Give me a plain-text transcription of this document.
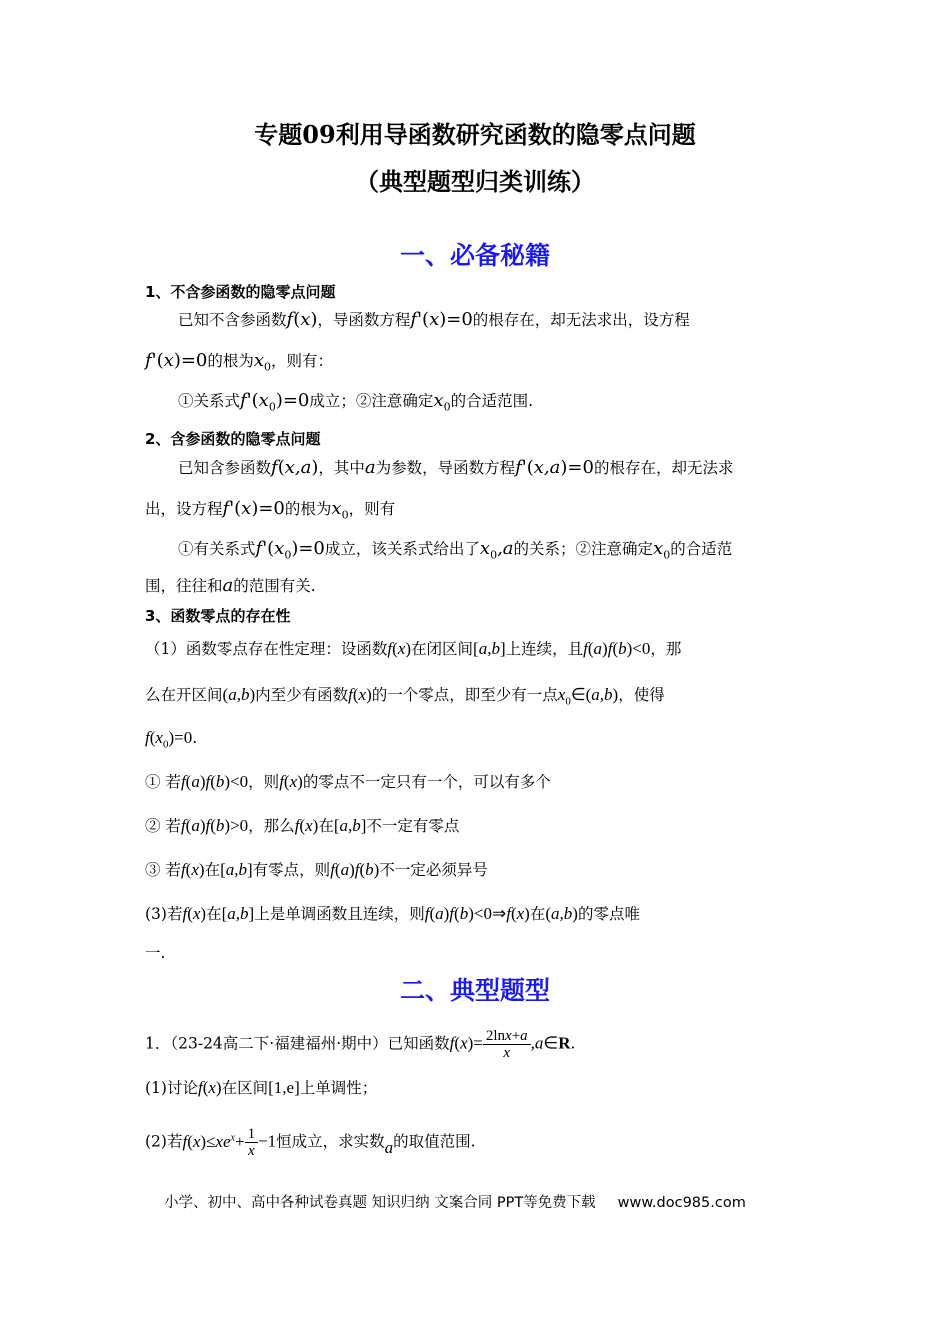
专题09利用导函数研究函数的隐零点问题
（典型题型归类训练）
一、必备秘籍
1、不含参函数的隐零点问题
已知不含参函数f(x)，导函数方程f'(x)=0的根存在，却无法求出，设方程
f'(x)=0的根为$x_0$，则有：
①关系式$f'(x_0)=0$成立；②注意确定$x_0$的合适范围.
2、含参函数的隐零点问题
已知含参函数f(x,a)，其中a为参数，导函数方程f'(x,a)=0的根存在，却无法求
出，设方程f'(x)=0的根为$x_0$，则有
①有关系式$f'(x_0)=0$成立，该关系式给出了$x_0,a$的关系；②注意确定$x_0$的合适范
围，往往和a的范围有关.
3、函数零点的存在性
（1）函数零点存在性定理：设函数f(x)在闭区间[a,b]上连续，且f(a)f(b)<0，那
么在开区间(a,b)内至少有函数f(x)的一个零点，即至少有一点$x_0\in(a,b)$，使得
$f(x_0)=0$.
① 若f(a)f(b)<0，则f(x)的零点不一定只有一个，可以有多个
② 若f(a)f(b)>0，那么f(x)在[a,b]不一定有零点
③ 若f(x)在[a,b]有零点，则f(a)f(b)不一定必须异号
(3)若f(x)在[a,b]上是单调函数且连续，则f(a)f(b)<0⇒f(x)在(a,b)的零点唯
一.
二、典型题型
1．（23-24高二下·福建福州·期中）已知函数$f(x)= \frac{2\ln x+a}{x}$ ,a∈R.
(1)讨论f(x)在区间[1,e]上单调性；
(2)若$f(x)\le xe^x+ \frac{1}{x} -1$恒成立，求实数a的取值范围.
小学、初中、高中各种试卷真题 知识归纳 文案合同 PPT等免费下载 www.doc985.com
